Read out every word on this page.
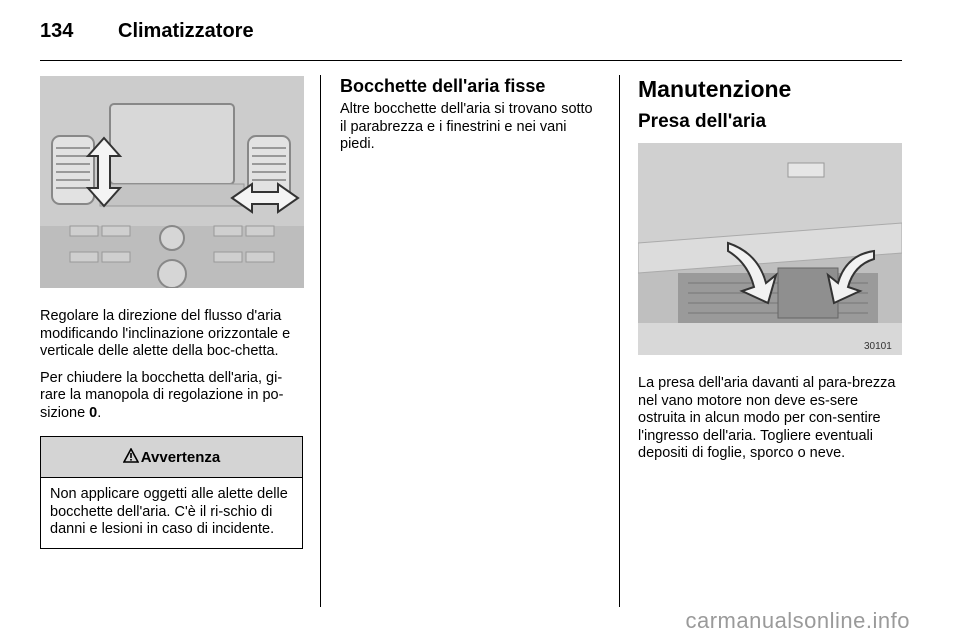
134 Climatizzatore

Regolare la direzione del flusso d'aria modificando l'inclinazione orizzontale e verticale delle alette della boc-chetta.

Per chiudere la bocchetta dell'aria, gi-rare la manopola di regolazione in po-sizione 0.

Avvertenza
Non applicare oggetti alle alette delle bocchette dell'aria. C'è il ri-schio di danni e lesioni in caso di incidente.
Bocchette dell'aria fisse

Altre bocchette dell'aria si trovano sotto il parabrezza e i finestrini e nei vani piedi.

Manutenzione
Presa dell'aria
30101

La presa dell'aria davanti al para-brezza nel vano motore non deve es-sere ostruita in alcun modo per con-sentire l'ingresso dell'aria. Togliere eventuali depositi di foglie, sporco o neve.

carmanualsonline.info
